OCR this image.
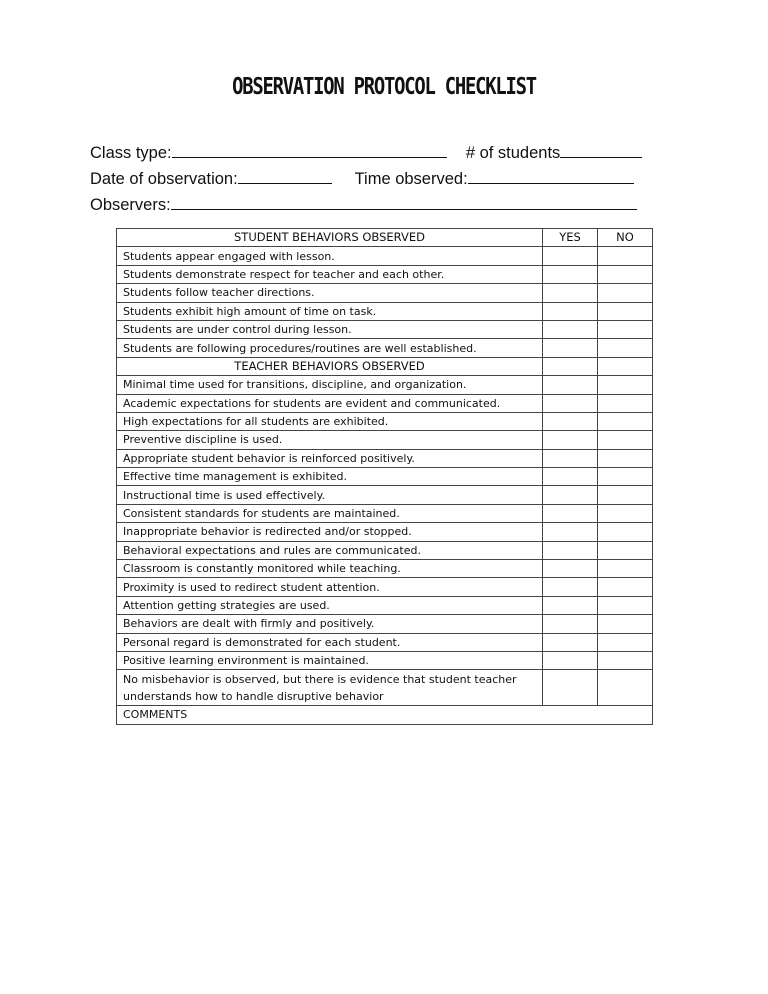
OBSERVATION PROTOCOL CHECKLIST
Class type:	# of students
Date of observation:	Time observed:
Observers:
STUDENT BEHAVIORS OBSERVED	YES	NO
Students appear engaged with lesson.		
Students demonstrate respect for teacher and each other.		
Students follow teacher directions.		
Students exhibit high amount of time on task.		
Students are under control during lesson.		
Students are following procedures/routines are well established.		
TEACHER BEHAVIORS OBSERVED		
Minimal time used for transitions, discipline, and organization.		
Academic expectations for students are evident and communicated.		
High expectations for all students are exhibited.		
Preventive discipline is used.		
Appropriate student behavior is reinforced positively.		
Effective time management is exhibited.		
Instructional time is used effectively.		
Consistent standards for students are maintained.		
Inappropriate behavior is redirected and/or stopped.		
Behavioral expectations and rules are communicated.		
Classroom is constantly monitored while teaching.		
Proximity is used to redirect student attention.		
Attention getting strategies are used.		
Behaviors are dealt with firmly and positively.		
Personal regard is demonstrated for each student.		
Positive learning environment is maintained.		
No misbehavior is observed, but there is evidence that student teacher		
understands how to handle disruptive behavior		
COMMENTS		
